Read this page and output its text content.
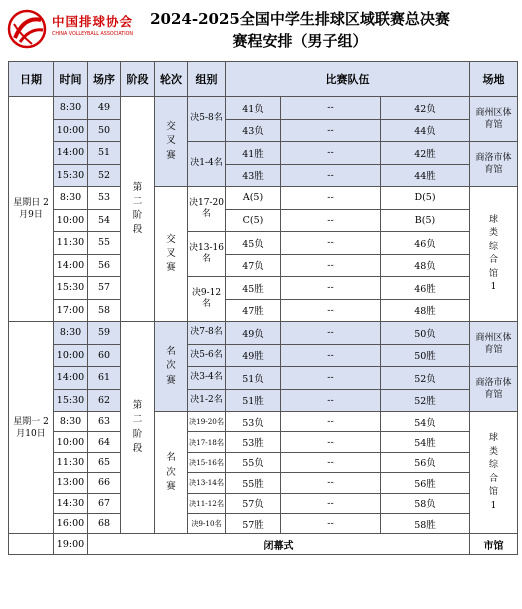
中国排球协会
CHINA VOLLEYBALL ASSOCIATION
2024-2025全国中学生排球区域联赛总决赛
赛程安排（男子组）
日期	时间	场序	阶段	轮次	组别	比赛队伍			场地
星期日 2月9日	8:30	49	第二阶段	交叉赛	决5-8名	41负	--	42负	商州区体育馆
	10:00	50				43负	--	44负	
	14:00	51			决1-4名	41胜	--	42胜	商洛市体育馆
	15:30	52				43胜	--	44胜	
	8:30	53		交叉赛	决17-20名	A(5)	--	D(5)	球类综合馆1
	10:00	54				C(5)	--	B(5)	
	11:30	55			决13-16名	45负	--	46负	
	14:00	56				47负	--	48负	
	15:30	57			决9-12名	45胜	--	46胜	
	17:00	58				47胜	--	48胜	
星期一 2月10日	8:30	59	第二阶段	名次赛	决7-8名	49负	--	50负	商州区体育馆
	10:00	60			决5-6名	49胜	--	50胜	
	14:00	61			决3-4名	51负	--	52负	商洛市体育馆
	15:30	62			决1-2名	51胜	--	52胜	
	8:30	63		名次赛	决19-20名	53负	--	54负	球类综合馆1
	10:00	64			决17-18名	53胜	--	54胜	
	11:30	65			决15-16名	55负	--	56负	
	13:00	66			决13-14名	55胜	--	56胜	
	14:30	67			决11-12名	57负	--	58负	
	16:00	68			决9-10名	57胜	--	58胜	
	19:00	闭幕式							市馆
